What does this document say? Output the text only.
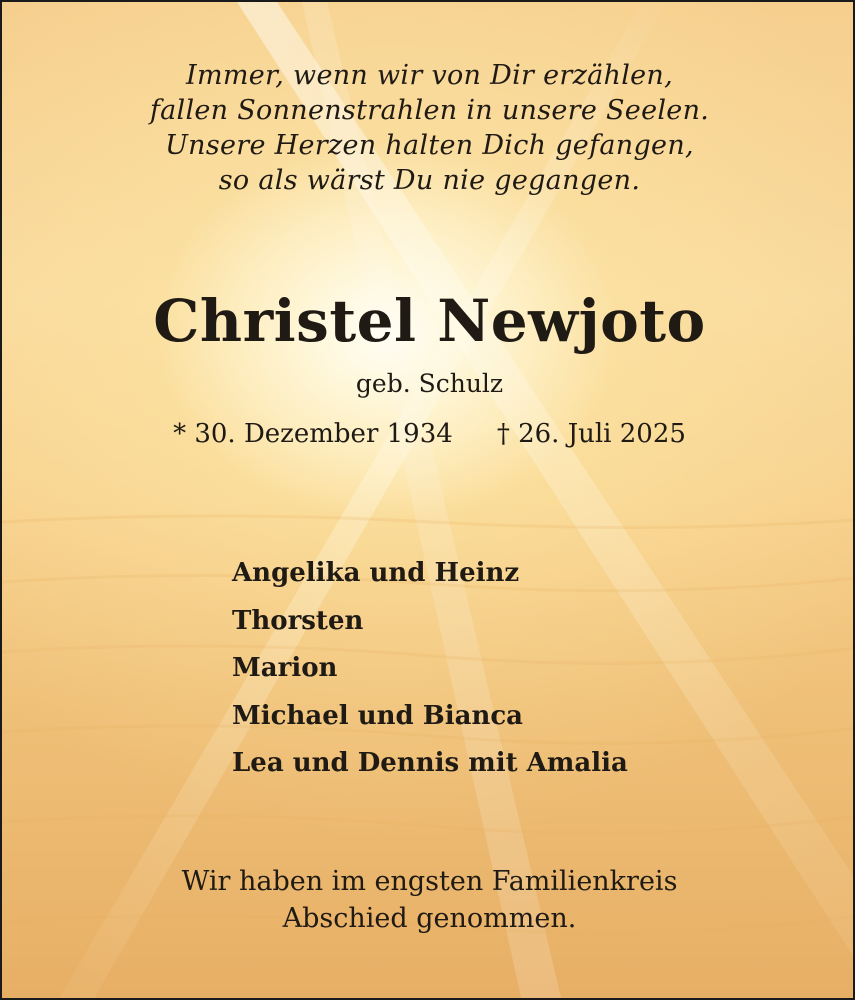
Immer, wenn wir von Dir erzählen,
fallen Sonnenstrahlen in unsere Seelen.
Unsere Herzen halten Dich gefangen,
so als wärst Du nie gegangen.
Christel Newjoto
geb. Schulz
* 30. Dezember 1934 † 26. Juli 2025
Angelika und Heinz
Thorsten
Marion
Michael und Bianca
Lea und Dennis mit Amalia
Wir haben im engsten Familienkreis
Abschied genommen.
